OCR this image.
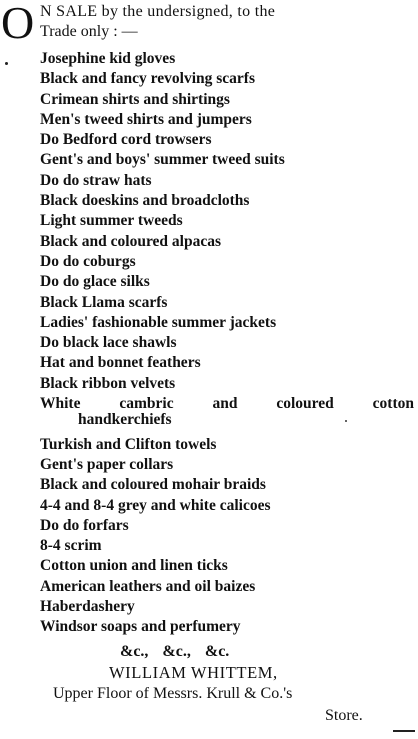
O N SALE by the undersigned, to the
Trade only : —
Josephine kid gloves
Black and fancy revolving scarfs
Crimean shirts and shirtings
Men's tweed shirts and jumpers
Do Bedford cord trowsers
Gent's and boys' summer tweed suits
Do do straw hats
Black doeskins and broadcloths
Light summer tweeds
Black and coloured alpacas
Do do coburgs
Do do glace silks
Black Llama scarfs
Ladies' fashionable summer jackets
Do black lace shawls
Hat and bonnet feathers
Black ribbon velvets
White	cambric	and	coloured	cotton
handkerchiefs
Turkish and Clifton towels
Gent's paper collars
Black and coloured mohair braids
4-4 and 8-4 grey and white calicoes
Do do forfars
8-4 scrim
Cotton union and linen ticks
American leathers and oil baizes
Haberdashery
Windsor soaps and perfumery
&c., &c., &c.
WILLIAM WHITTEM,
Upper Floor of Messrs. Krull & Co.'s
Store.
